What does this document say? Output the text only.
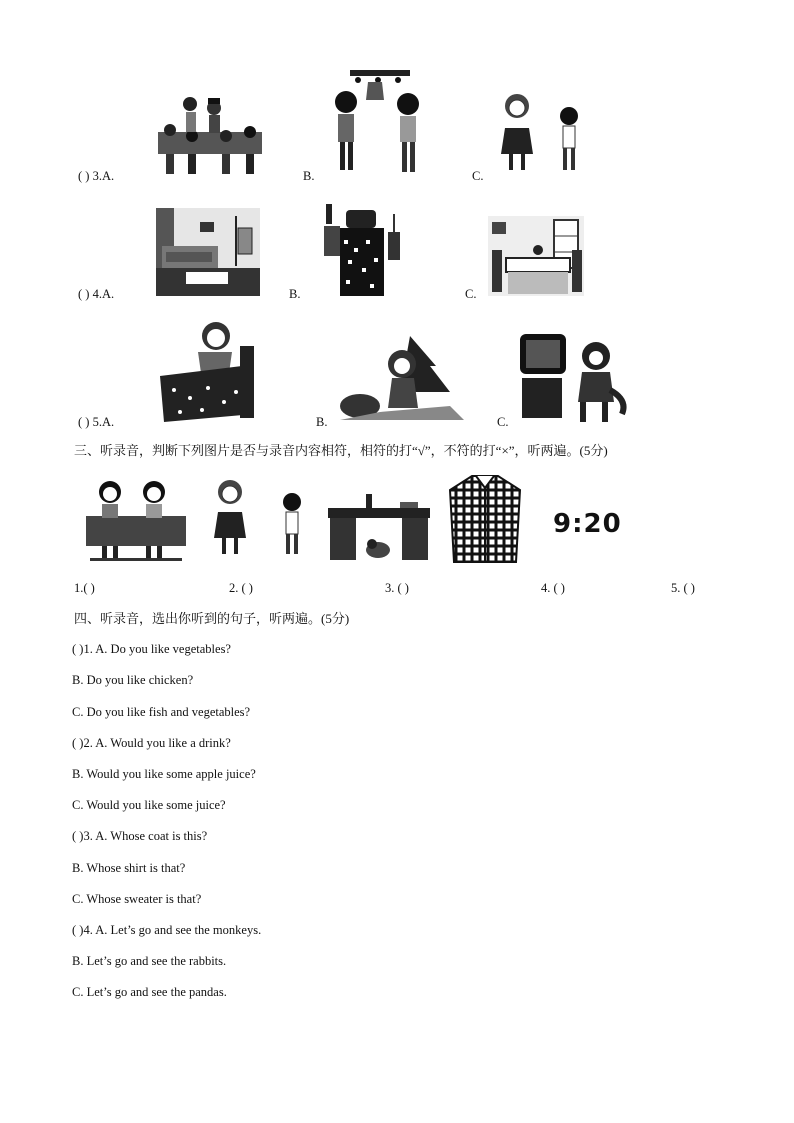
( ) 3.A.	B.	C.
( ) 4.A.	B.	C.
( ) 5.A.	B.	C.
三、听录音，判断下列图片是否与录音内容相符，相符的打“√”，不符的打“×”，听两遍。(5分)
9:20
1.( )	2. ( )	3. ( )	4. ( )	5. ( )
四、听录音，选出你听到的句子，听两遍。(5分)
( )1. A. Do you like vegetables?
B. Do you like chicken?
C. Do you like fish and vegetables?
( )2. A. Would you like a drink?
B. Would you like some apple juice?
C. Would you like some juice?
( )3. A. Whose coat is this?
B. Whose shirt is that?
C. Whose sweater is that?
( )4. A. Let’s go and see the monkeys.
B. Let’s go and see the rabbits.
C. Let’s go and see the pandas.
